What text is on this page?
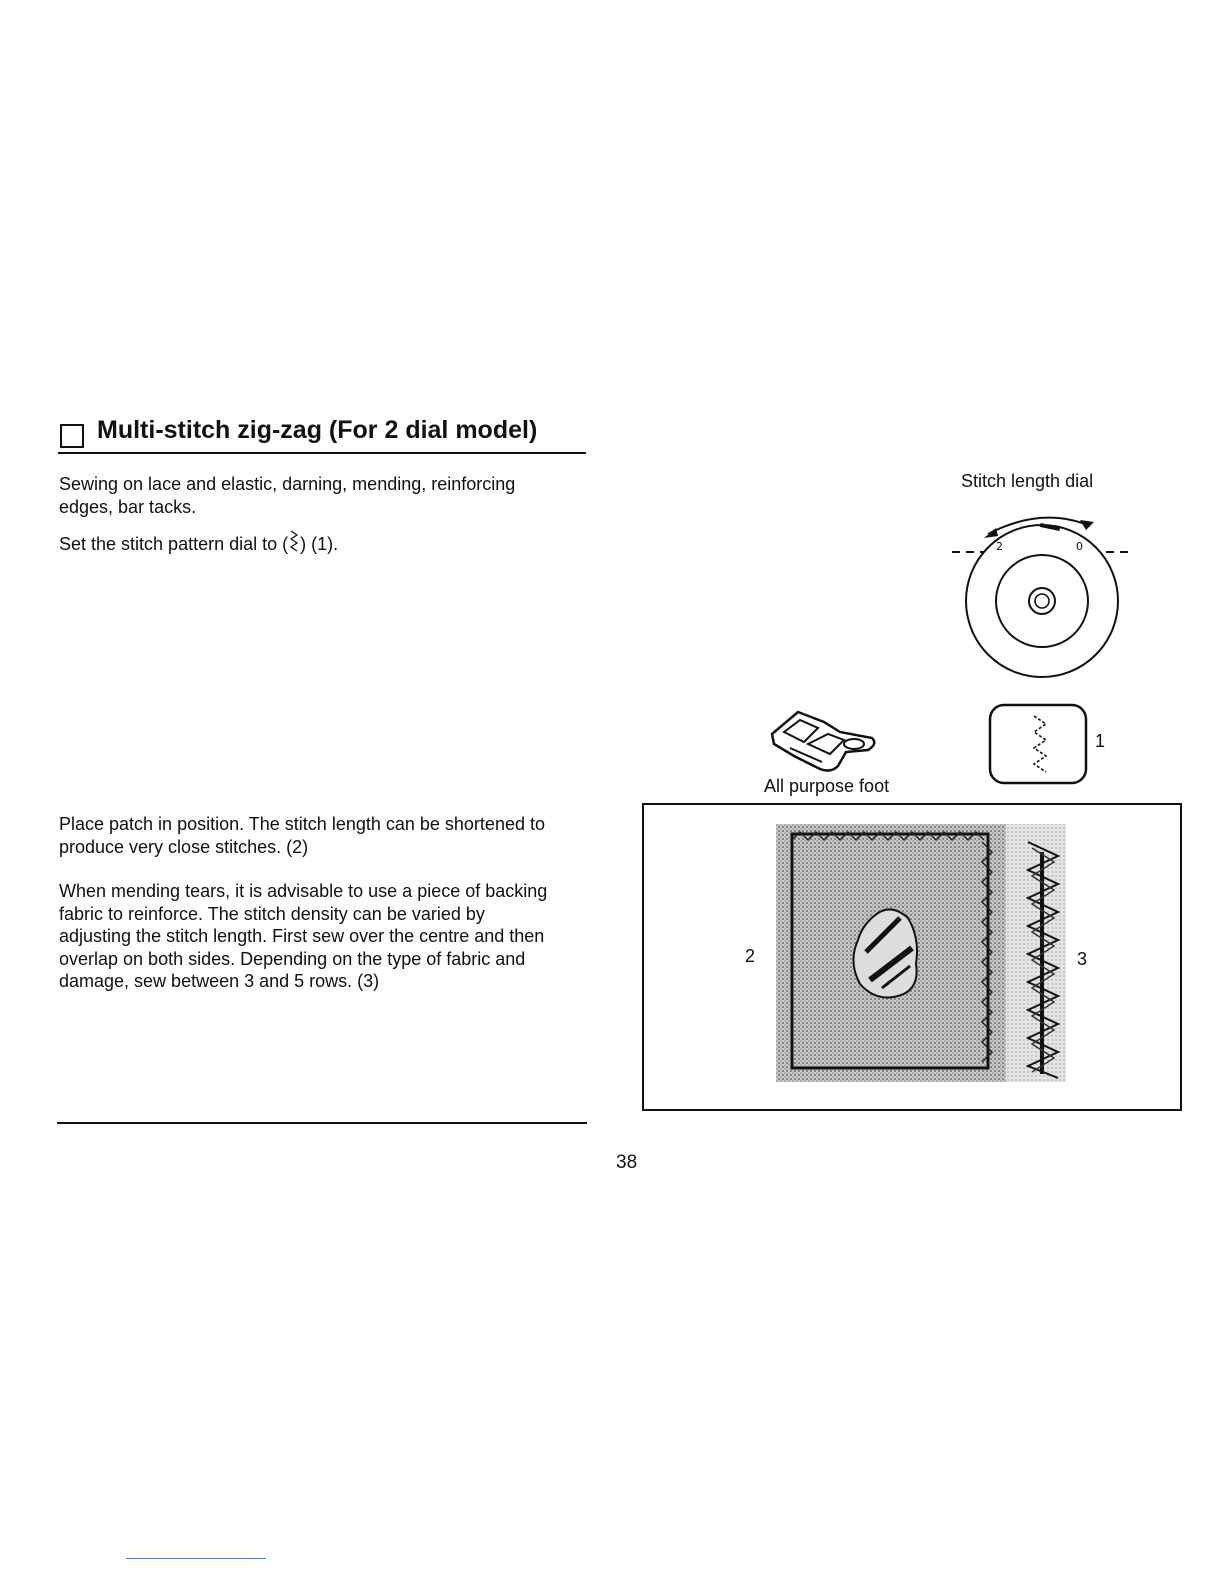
Multi-stitch zig-zag (For 2 dial model)
Sewing on lace and elastic, darning, mending, reinforcing
edges, bar tacks.
Set the stitch pattern dial to ( ) (1).
Place patch in position. The stitch length can be shortened to
produce very close stitches. (2)
When mending tears, it is advisable to use a piece of backing
fabric to reinforce. The stitch density can be varied by
adjusting the stitch length. First sew over the centre and then
overlap on both sides. Depending on the type of fabric and
damage, sew between 3 and 5 rows. (3)
38
Stitch length dial
2	0
1
All purpose foot
2	3
